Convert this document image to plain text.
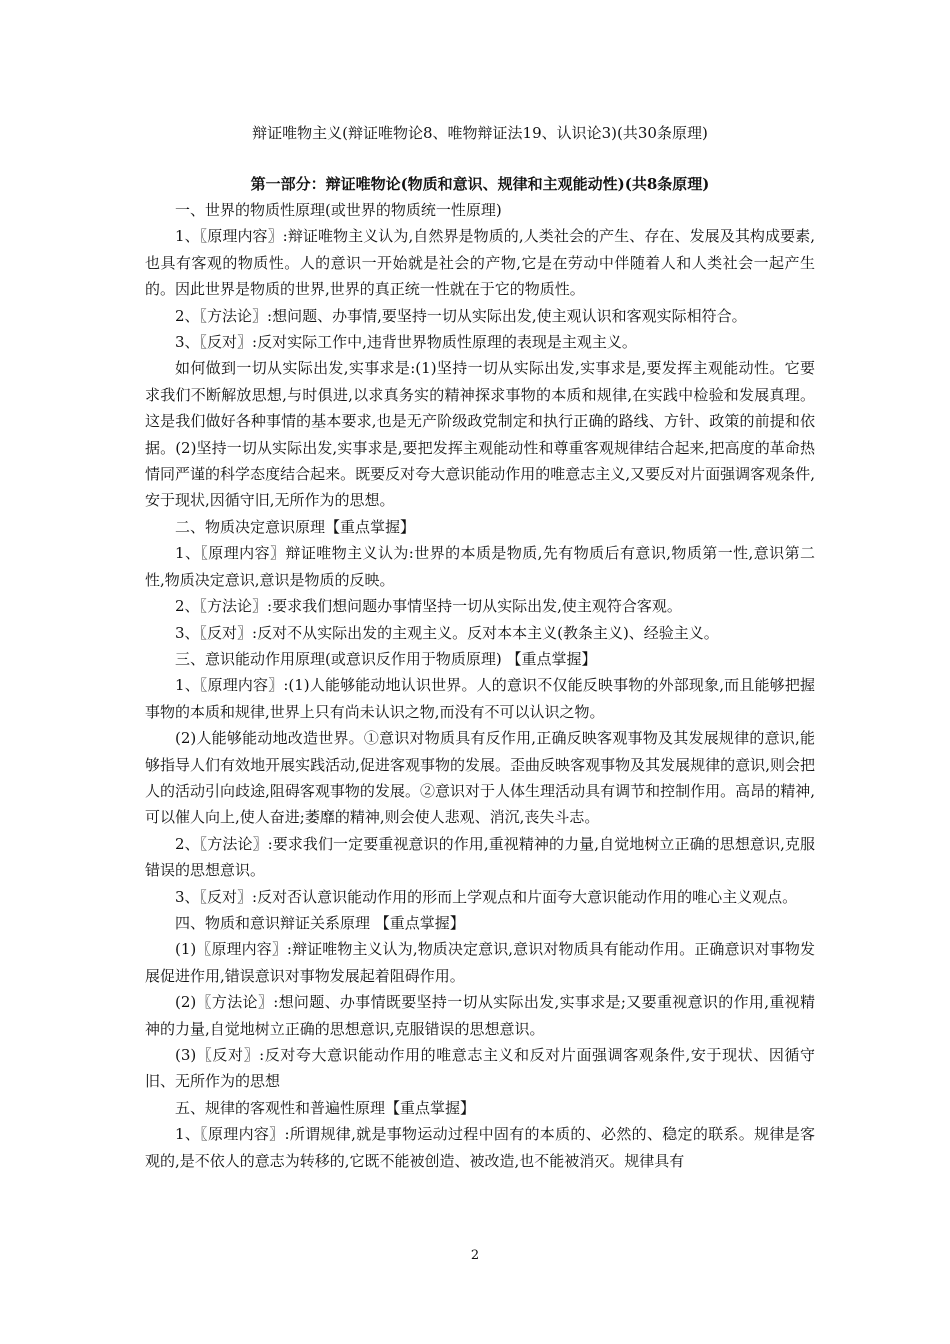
辩证唯物主义(辩证唯物论8、唯物辩证法19、认识论3)(共30条原理)

第一部分：辩证唯物论(物质和意识、规律和主观能动性)(共8条原理)

一、世界的物质性原理(或世界的物质统一性原理)

1、〖原理内容〗:辩证唯物主义认为,自然界是物质的,人类社会的产生、存在、发展及其构成要素,也具有客观的物质性。人的意识一开始就是社会的产物,它是在劳动中伴随着人和人类社会一起产生的。因此世界是物质的世界,世界的真正统一性就在于它的物质性。

2、〖方法论〗:想问题、办事情,要坚持一切从实际出发,使主观认识和客观实际相符合。

3、〖反对〗:反对实际工作中,违背世界物质性原理的表现是主观主义。

如何做到一切从实际出发,实事求是:(1)坚持一切从实际出发,实事求是,要发挥主观能动性。它要求我们不断解放思想,与时俱进,以求真务实的精神探求事物的本质和规律,在实践中检验和发展真理。这是我们做好各种事情的基本要求,也是无产阶级政党制定和执行正确的路线、方针、政策的前提和依据。(2)坚持一切从实际出发,实事求是,要把发挥主观能动性和尊重客观规律结合起来,把高度的革命热情同严谨的科学态度结合起来。既要反对夸大意识能动作用的唯意志主义,又要反对片面强调客观条件,安于现状,因循守旧,无所作为的思想。

二、物质决定意识原理【重点掌握】

1、〖原理内容〗辩证唯物主义认为:世界的本质是物质,先有物质后有意识,物质第一性,意识第二性,物质决定意识,意识是物质的反映。

2、〖方法论〗:要求我们想问题办事情坚持一切从实际出发,使主观符合客观。

3、〖反对〗:反对不从实际出发的主观主义。反对本本主义(教条主义)、经验主义。

三、意识能动作用原理(或意识反作用于物质原理) 【重点掌握】

1、〖原理内容〗:(1)人能够能动地认识世界。人的意识不仅能反映事物的外部现象,而且能够把握事物的本质和规律,世界上只有尚未认识之物,而没有不可以认识之物。

(2)人能够能动地改造世界。①意识对物质具有反作用,正确反映客观事物及其发展规律的意识,能够指导人们有效地开展实践活动,促进客观事物的发展。歪曲反映客观事物及其发展规律的意识,则会把人的活动引向歧途,阻碍客观事物的发展。②意识对于人体生理活动具有调节和控制作用。高昂的精神,可以催人向上,使人奋进;萎靡的精神,则会使人悲观、消沉,丧失斗志。

2、〖方法论〗:要求我们一定要重视意识的作用,重视精神的力量,自觉地树立正确的思想意识,克服错误的思想意识。

3、〖反对〗:反对否认意识能动作用的形而上学观点和片面夸大意识能动作用的唯心主义观点。

四、物质和意识辩证关系原理 【重点掌握】

(1)〖原理内容〗:辩证唯物主义认为,物质决定意识,意识对物质具有能动作用。正确意识对事物发展促进作用,错误意识对事物发展起着阻碍作用。

(2)〖方法论〗:想问题、办事情既要坚持一切从实际出发,实事求是;又要重视意识的作用,重视精神的力量,自觉地树立正确的思想意识,克服错误的思想意识。

(3)〖反对〗:反对夸大意识能动作用的唯意志主义和反对片面强调客观条件,安于现状、因循守旧、无所作为的思想

五、规律的客观性和普遍性原理【重点掌握】

1、〖原理内容〗:所谓规律,就是事物运动过程中固有的本质的、必然的、稳定的联系。规律是客观的,是不依人的意志为转移的,它既不能被创造、被改造,也不能被消灭。规律具有

2
